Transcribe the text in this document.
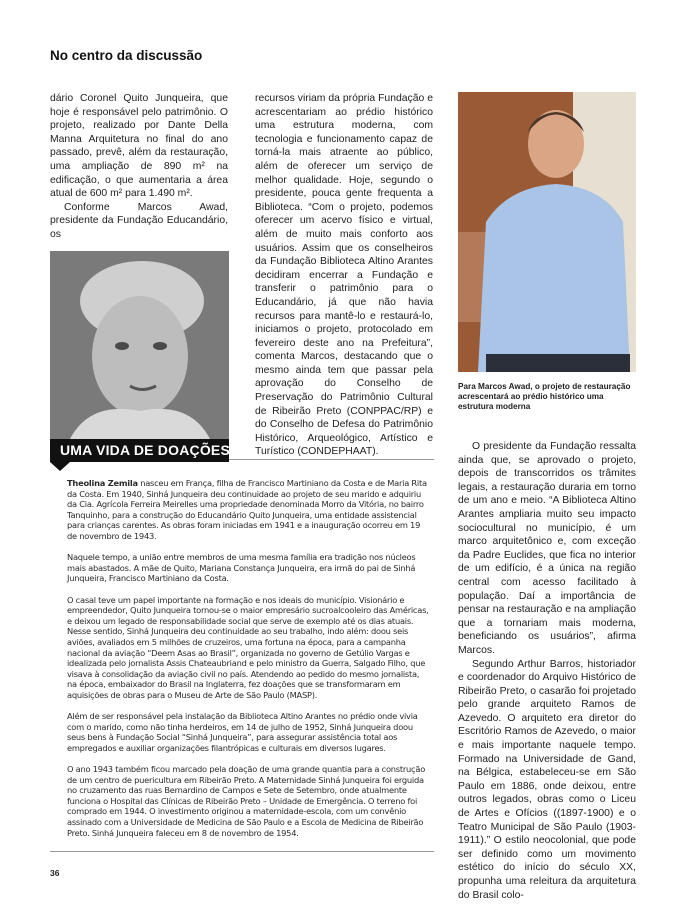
No centro da discussão

dário Coronel Quito Junqueira, que hoje é responsável pelo patrimônio. O projeto, realizado por Dante Della Manna Arquitetura no final do ano passado, prevê, além da restauração, uma ampliação de 890 m² na edificação, o que aumentaria a área atual de 600 m² para 1.490 m².

Conforme Marcos Awad, presidente da Fundação Educandário, os

recursos viriam da própria Fundação e acrescentariam ao prédio histórico uma estrutura moderna, com tecnologia e funcionamento capaz de torná-la mais atraente ao público, além de oferecer um serviço de melhor qualidade. Hoje, segundo o presidente, pouca gente frequenta a Biblioteca. “Com o projeto, podemos oferecer um acervo físico e virtual, além de muito mais conforto aos usuários. Assim que os conselheiros da Fundação Biblioteca Altino Arantes decidiram encerrar a Fundação e transferir o patrimônio para o Educandário, já que não havia recursos para mantê-lo e restaurá-lo, iniciamos o projeto, protocolado em fevereiro deste ano na Prefeitura”, comenta Marcos, destacando que o mesmo ainda tem que passar pela aprovação do Conselho de Preservação do Patrimônio Cultural de Ribeirão Preto (CONPPAC/RP) e do Conselho de Defesa do Patrimônio Histórico, Arqueológico, Artístico e Turístico (CONDEPHAAT).

Para Marcos Awad, o projeto de restauração acrescentará ao prédio histórico uma estrutura moderna
UMA VIDA DE DOAÇÕES

Theolina Zemila nasceu em França, filha de Francisco Martiniano da Costa e de Maria Rita da Costa. Em 1940, Sinhá Junqueira deu continuidade ao projeto de seu marido e adquiriu da Cia. Agrícola Ferreira Meirelles uma propriedade denominada Morro da Vitória, no bairro Tanquinho, para a construção do Educandário Quito Junqueira, uma entidade assistencial para crianças carentes. As obras foram iniciadas em 1941 e a inauguração ocorreu em 19 de novembro de 1943.

Naquele tempo, a união entre membros de uma mesma família era tradição nos núcleos mais abastados. A mãe de Quito, Mariana Constança Junqueira, era irmã do pai de Sinhá Junqueira, Francisco Martiniano da Costa.

O casal teve um papel importante na formação e nos ideais do município. Visionário e empreendedor, Quito Junqueira tornou-se o maior empresário sucroalcooleiro das Américas, e deixou um legado de responsabilidade social que serve de exemplo até os dias atuais. Nesse sentido, Sinhá Junqueira deu continuidade ao seu trabalho, indo além: doou seis aviões, avaliados em 5 milhões de cruzeiros, uma fortuna na época, para a campanha nacional da aviação “Deem Asas ao Brasil”, organizada no governo de Getúlio Vargas e idealizada pelo jornalista Assis Chateaubriand e pelo ministro da Guerra, Salgado Filho, que visava à consolidação da aviação civil no país. Atendendo ao pedido do mesmo jornalista, na época, embaixador do Brasil na Inglaterra, fez doações que se transformaram em aquisições de obras para o Museu de Arte de São Paulo (MASP).

Além de ser responsável pela instalação da Biblioteca Altino Arantes no prédio onde vivia com o marido, como não tinha herdeiros, em 14 de julho de 1952, Sinhá Junqueira doou seus bens à Fundação Social “Sinhá Junqueira”, para assegurar assistência total aos empregados e auxiliar organizações filantrópicas e culturais em diversos lugares.

O ano 1943 também ficou marcado pela doação de uma grande quantia para a construção de um centro de puericultura em Ribeirão Preto. A Maternidade Sinhá Junqueira foi erguida no cruzamento das ruas Bernardino de Campos e Sete de Setembro, onde atualmente funciona o Hospital das Clínicas de Ribeirão Preto – Unidade de Emergência. O terreno foi comprado em 1944. O investimento originou a maternidade-escola, com um convênio assinado com a Universidade de Medicina de São Paulo e a Escola de Medicina de Ribeirão Preto. Sinhá Junqueira faleceu em 8 de novembro de 1954.

O presidente da Fundação ressalta ainda que, se aprovado o projeto, depois de transcorridos os trâmites legais, a restauração duraria em torno de um ano e meio. “A Biblioteca Altino Arantes ampliaria muito seu impacto sociocultural no município, é um marco arquitetônico e, com exceção da Padre Euclides, que fica no interior de um edifício, é a única na região central com acesso facilitado à população. Daí a importância de pensar na restauração e na ampliação que a tornariam mais moderna, beneficiando os usuários”, afirma Marcos.

Segundo Arthur Barros, historiador e coordenador do Arquivo Histórico de Ribeirão Preto, o casarão foi projetado pelo grande arquiteto Ramos de Azevedo. O arquiteto era diretor do Escritório Ramos de Azevedo, o maior e mais importante naquele tempo. Formado na Universidade de Gand, na Bélgica, estabeleceu-se em São Paulo em 1886, onde deixou, entre outros legados, obras como o Liceu de Artes e Ofícios ((1897-1900) e o Teatro Municipal de São Paulo (1903-1911).” O estilo neocolonial, que pode ser definido como um movimento estético do início do século XX, propunha uma releitura da arquitetura do Brasil colo-

36
